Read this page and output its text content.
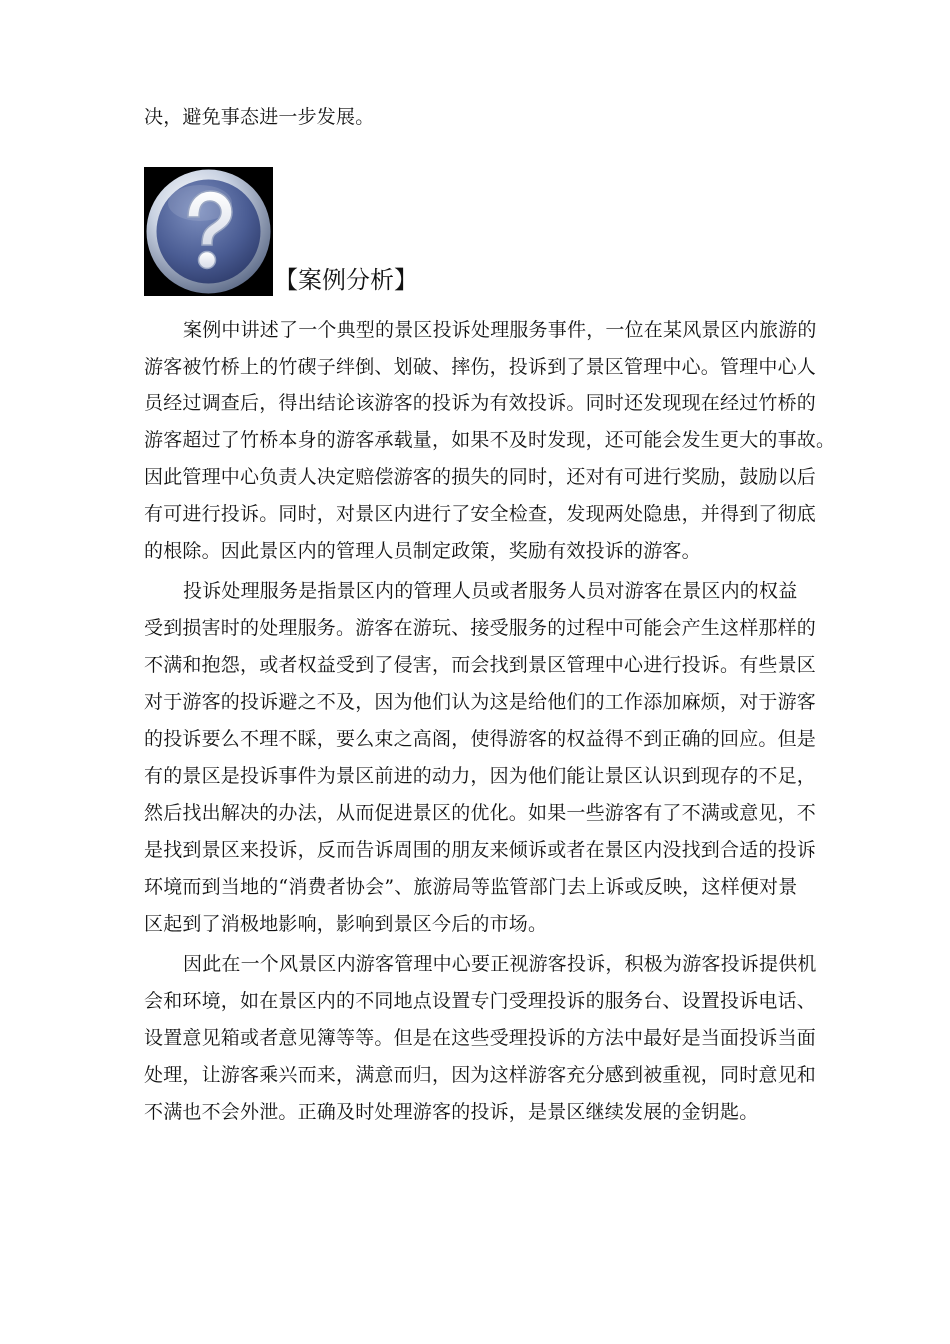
决，避免事态进一步发展。
【案例分析】
案例中讲述了一个典型的景区投诉处理服务事件，一位在某风景区内旅游的
游客被竹桥上的竹碶子绊倒、划破、摔伤，投诉到了景区管理中心。管理中心人
员经过调查后，得出结论该游客的投诉为有效投诉。同时还发现现在经过竹桥的
游客超过了竹桥本身的游客承载量，如果不及时发现，还可能会发生更大的事故。
因此管理中心负责人决定赔偿游客的损失的同时，还对有可进行奖励，鼓励以后
有可进行投诉。同时，对景区内进行了安全检查，发现两处隐患，并得到了彻底
的根除。因此景区内的管理人员制定政策，奖励有效投诉的游客。
投诉处理服务是指景区内的管理人员或者服务人员对游客在景区内的权益
受到损害时的处理服务。游客在游玩、接受服务的过程中可能会产生这样那样的
不满和抱怨，或者权益受到了侵害，而会找到景区管理中心进行投诉。有些景区
对于游客的投诉避之不及，因为他们认为这是给他们的工作添加麻烦，对于游客
的投诉要么不理不睬，要么束之高阁，使得游客的权益得不到正确的回应。但是
有的景区是投诉事件为景区前进的动力，因为他们能让景区认识到现存的不足，
然后找出解决的办法，从而促进景区的优化。如果一些游客有了不满或意见，不
是找到景区来投诉，反而告诉周围的朋友来倾诉或者在景区内没找到合适的投诉
环境而到当地的“消费者协会”、旅游局等监管部门去上诉或反映，这样便对景
区起到了消极地影响，影响到景区今后的市场。
因此在一个风景区内游客管理中心要正视游客投诉，积极为游客投诉提供机
会和环境，如在景区内的不同地点设置专门受理投诉的服务台、设置投诉电话、
设置意见箱或者意见簿等等。但是在这些受理投诉的方法中最好是当面投诉当面
处理，让游客乘兴而来，满意而归，因为这样游客充分感到被重视，同时意见和
不满也不会外泄。正确及时处理游客的投诉，是景区继续发展的金钥匙。
